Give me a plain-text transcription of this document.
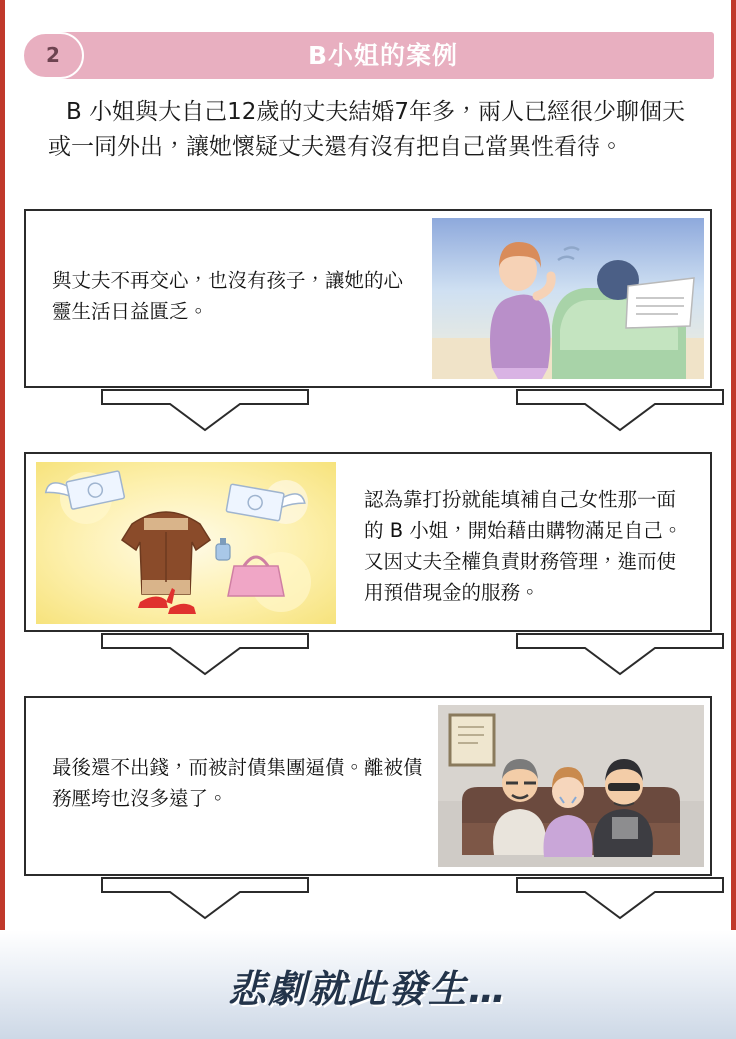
B小姐的案例
2
B 小姐與大自己12歲的丈夫結婚7年多，兩人已經很少聊個天或一同外出，讓她懷疑丈夫還有沒有把自己當異性看待。
與丈夫不再交心，也沒有孩子，讓她的心靈生活日益匱乏。
認為靠打扮就能填補自己女性那一面的 B 小姐，開始藉由購物滿足自己。又因丈夫全權負責財務管理，進而使用預借現金的服務。
最後還不出錢，而被討債集團逼債。離被債務壓垮也沒多遠了。
悲劇就此發生…
